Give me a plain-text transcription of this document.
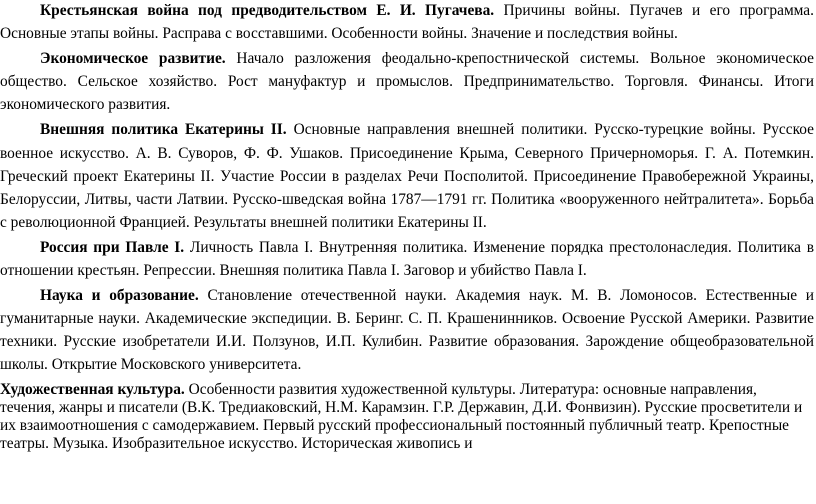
Крестьянская война под предводительством Е. И. Пугачева. Причины войны. Пугачев и его программа. Основные этапы войны. Расправа с восставшими. Особенности войны. Значение и последствия войны.

Экономическое развитие. Начало разложения феодально-крепостнической системы. Вольное экономическое общество. Сельское хозяйство. Рост мануфактур и промыслов. Предпринимательство. Торговля. Финансы. Итоги экономического развития.

Внешняя политика Екатерины II. Основные направления внешней политики. Русско-турецкие войны. Русское военное искусство. А. В. Суворов, Ф. Ф. Ушаков. Присоединение Крыма, Северного Причерноморья. Г. А. Потемкин. Греческий проект Екатерины II. Участие России в разделах Речи Посполитой. Присоединение Правобережной Украины, Белоруссии, Литвы, части Латвии. Русско-шведская война 1787—1791 гг. Политика «вооруженного нейтралитета». Борьба с революционной Францией. Результаты внешней политики Екатерины II.

Россия при Павле I. Личность Павла I. Внутренняя политика. Изменение порядка престолонаследия. Политика в отношении крестьян. Репрессии. Внешняя политика Павла I. Заговор и убийство Павла I.

Наука и образование. Становление отечественной науки. Академия наук. М. В. Ломоносов. Естественные и гуманитарные науки. Академические экспедиции. В. Беринг. С. П. Крашенинников. Освоение Русской Америки. Развитие техники. Русские изобретатели И.И. Ползунов, И.П. Кулибин. Развитие образования. Зарождение общеобразовательной школы. Открытие Московского университета.

Художественная культура. Особенности развития художественной культуры. Литература: основные направления, течения, жанры и писатели (В.К. Тредиаковский, Н.М. Карамзин. Г.Р. Державин, Д.И. Фонвизин). Русские просветители и их взаимоотношения с самодержавием. Первый русский профессиональный постоянный публичный театр. Крепостные театры. Музыка. Изобразительное искусство. Историческая живопись и
